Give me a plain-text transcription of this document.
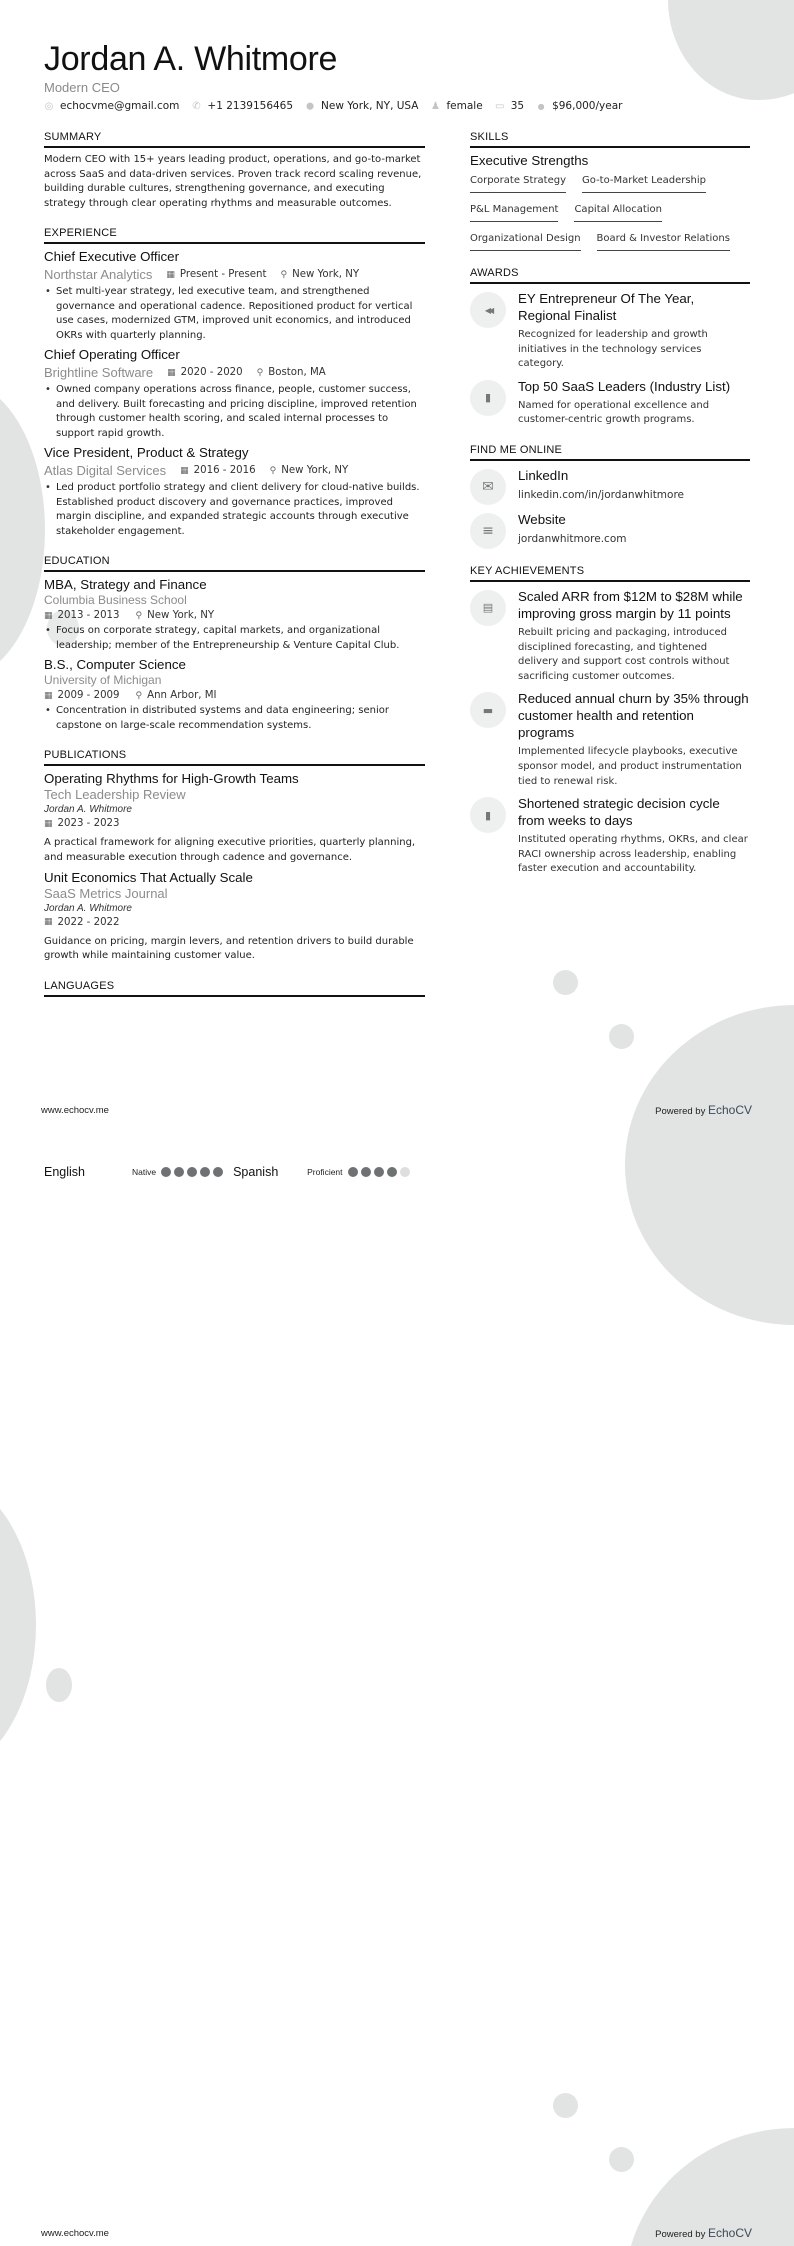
Jordan A. Whitmore
Modern CEO
◎ echocvme@gmail.com ✆ +1 2139156465 ⬤ New York, NY, USA ♟ female ▭ 35 ● $96,000/year
SUMMARY
Modern CEO with 15+ years leading product, operations, and go-to-market across SaaS and data-driven services. Proven track record scaling revenue, building durable cultures, strengthening governance, and executing strategy through clear operating rhythms and measurable outcomes.
EXPERIENCE
Chief Executive Officer
Northstar Analytics ▦ Present - Present ⚲ New York, NY
• Set multi-year strategy, led executive team, and strengthened governance and operational cadence. Repositioned product for vertical use cases, modernized GTM, improved unit economics, and introduced OKRs with quarterly planning.
Chief Operating Officer
Brightline Software ▦ 2020 - 2020 ⚲ Boston, MA
• Owned company operations across finance, people, customer success, and delivery. Built forecasting and pricing discipline, improved retention through customer health scoring, and scaled internal processes to support rapid growth.
Vice President, Product & Strategy
Atlas Digital Services ▦ 2016 - 2016 ⚲ New York, NY
• Led product portfolio strategy and client delivery for cloud-native builds. Established product discovery and governance practices, improved margin discipline, and expanded strategic accounts through executive stakeholder engagement.
EDUCATION
MBA, Strategy and Finance
Columbia Business School
▦ 2013 - 2013 ⚲ New York, NY
• Focus on corporate strategy, capital markets, and organizational leadership; member of the Entrepreneurship & Venture Capital Club.
B.S., Computer Science
University of Michigan
▦ 2009 - 2009 ⚲ Ann Arbor, MI
• Concentration in distributed systems and data engineering; senior capstone on large-scale recommendation systems.
PUBLICATIONS
Operating Rhythms for High-Growth Teams
Tech Leadership Review
Jordan A. Whitmore
▦ 2023 - 2023
A practical framework for aligning executive priorities, quarterly planning, and measurable execution through cadence and governance.
Unit Economics That Actually Scale
SaaS Metrics Journal
Jordan A. Whitmore
▦ 2022 - 2022
Guidance on pricing, margin levers, and retention drivers to build durable growth while maintaining customer value.
LANGUAGES
SKILLS
Executive Strengths
Corporate Strategy Go-to-Market Leadership
P&L Management Capital Allocation
Organizational Design Board & Investor Relations
AWARDS
◀◀
EY Entrepreneur Of The Year, Regional Finalist
Recognized for leadership and growth initiatives in the technology services category.
▮
Top 50 SaaS Leaders (Industry List)
Named for operational excellence and customer-centric growth programs.
FIND ME ONLINE
✉
LinkedIn
linkedin.com/in/jordanwhitmore
≡
Website
jordanwhitmore.com
KEY ACHIEVEMENTS
▤
Scaled ARR from $12M to $28M while improving gross margin by 11 points
Rebuilt pricing and packaging, introduced disciplined forecasting, and tightened delivery and support cost controls without sacrificing customer outcomes.
▬
Reduced annual churn by 35% through customer health and retention programs
Implemented lifecycle playbooks, executive sponsor model, and product instrumentation tied to renewal risk.
▮
Shortened strategic decision cycle from weeks to days
Instituted operating rhythms, OKRs, and clear RACI ownership across leadership, enabling faster execution and accountability.
www.echocv.me	Powered by EchoCV
English	Native	Spanish	Proficient
www.echocv.me	Powered by EchoCV
